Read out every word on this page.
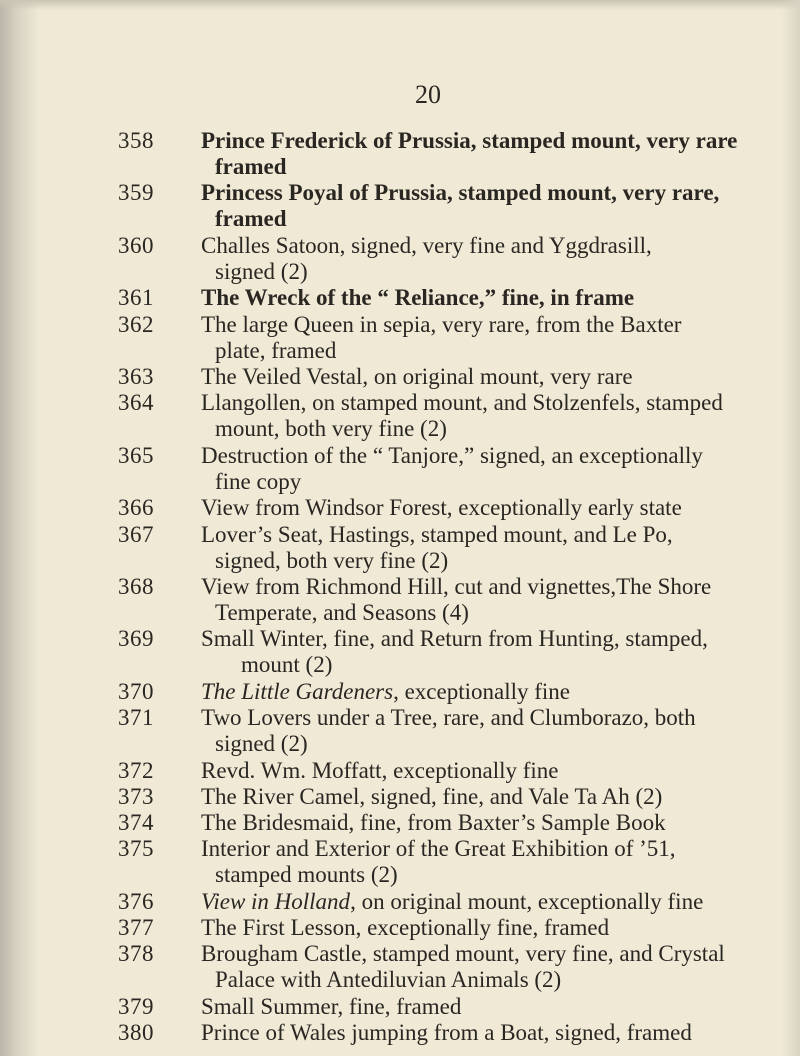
20
358 Prince Frederick of Prussia, stamped mount, very rare
framed
359 Princess Poyal of Prussia, stamped mount, very rare,
framed
360 Challes Satoon, signed, very fine and Yggdrasill,
signed (2)
361 The Wreck of the “ Reliance,” fine, in frame
362 The large Queen in sepia, very rare, from the Baxter
plate, framed
363 The Veiled Vestal, on original mount, very rare
364 Llangollen, on stamped mount, and Stolzenfels, stamped
mount, both very fine (2)
365 Destruction of the “ Tanjore,” signed, an exceptionally
fine copy
366 View from Windsor Forest, exceptionally early state
367 Lover’s Seat, Hastings, stamped mount, and Le Po,
signed, both very fine (2)
368 View from Richmond Hill, cut and vignettes,The Shore
Temperate, and Seasons (4)
369 Small Winter, fine, and Return from Hunting, stamped,
mount (2)
370 The Little Gardeners, exceptionally fine
371 Two Lovers under a Tree, rare, and Clumborazo, both
signed (2)
372 Revd. Wm. Moffatt, exceptionally fine
373 The River Camel, signed, fine, and Vale Ta Ah (2)
374 The Bridesmaid, fine, from Baxter’s Sample Book
375 Interior and Exterior of the Great Exhibition of ’51,
stamped mounts (2)
376 View in Holland, on original mount, exceptionally fine
377 The First Lesson, exceptionally fine, framed
378 Brougham Castle, stamped mount, very fine, and Crystal
Palace with Antediluvian Animals (2)
379 Small Summer, fine, framed
380 Prince of Wales jumping from a Boat, signed, framed
